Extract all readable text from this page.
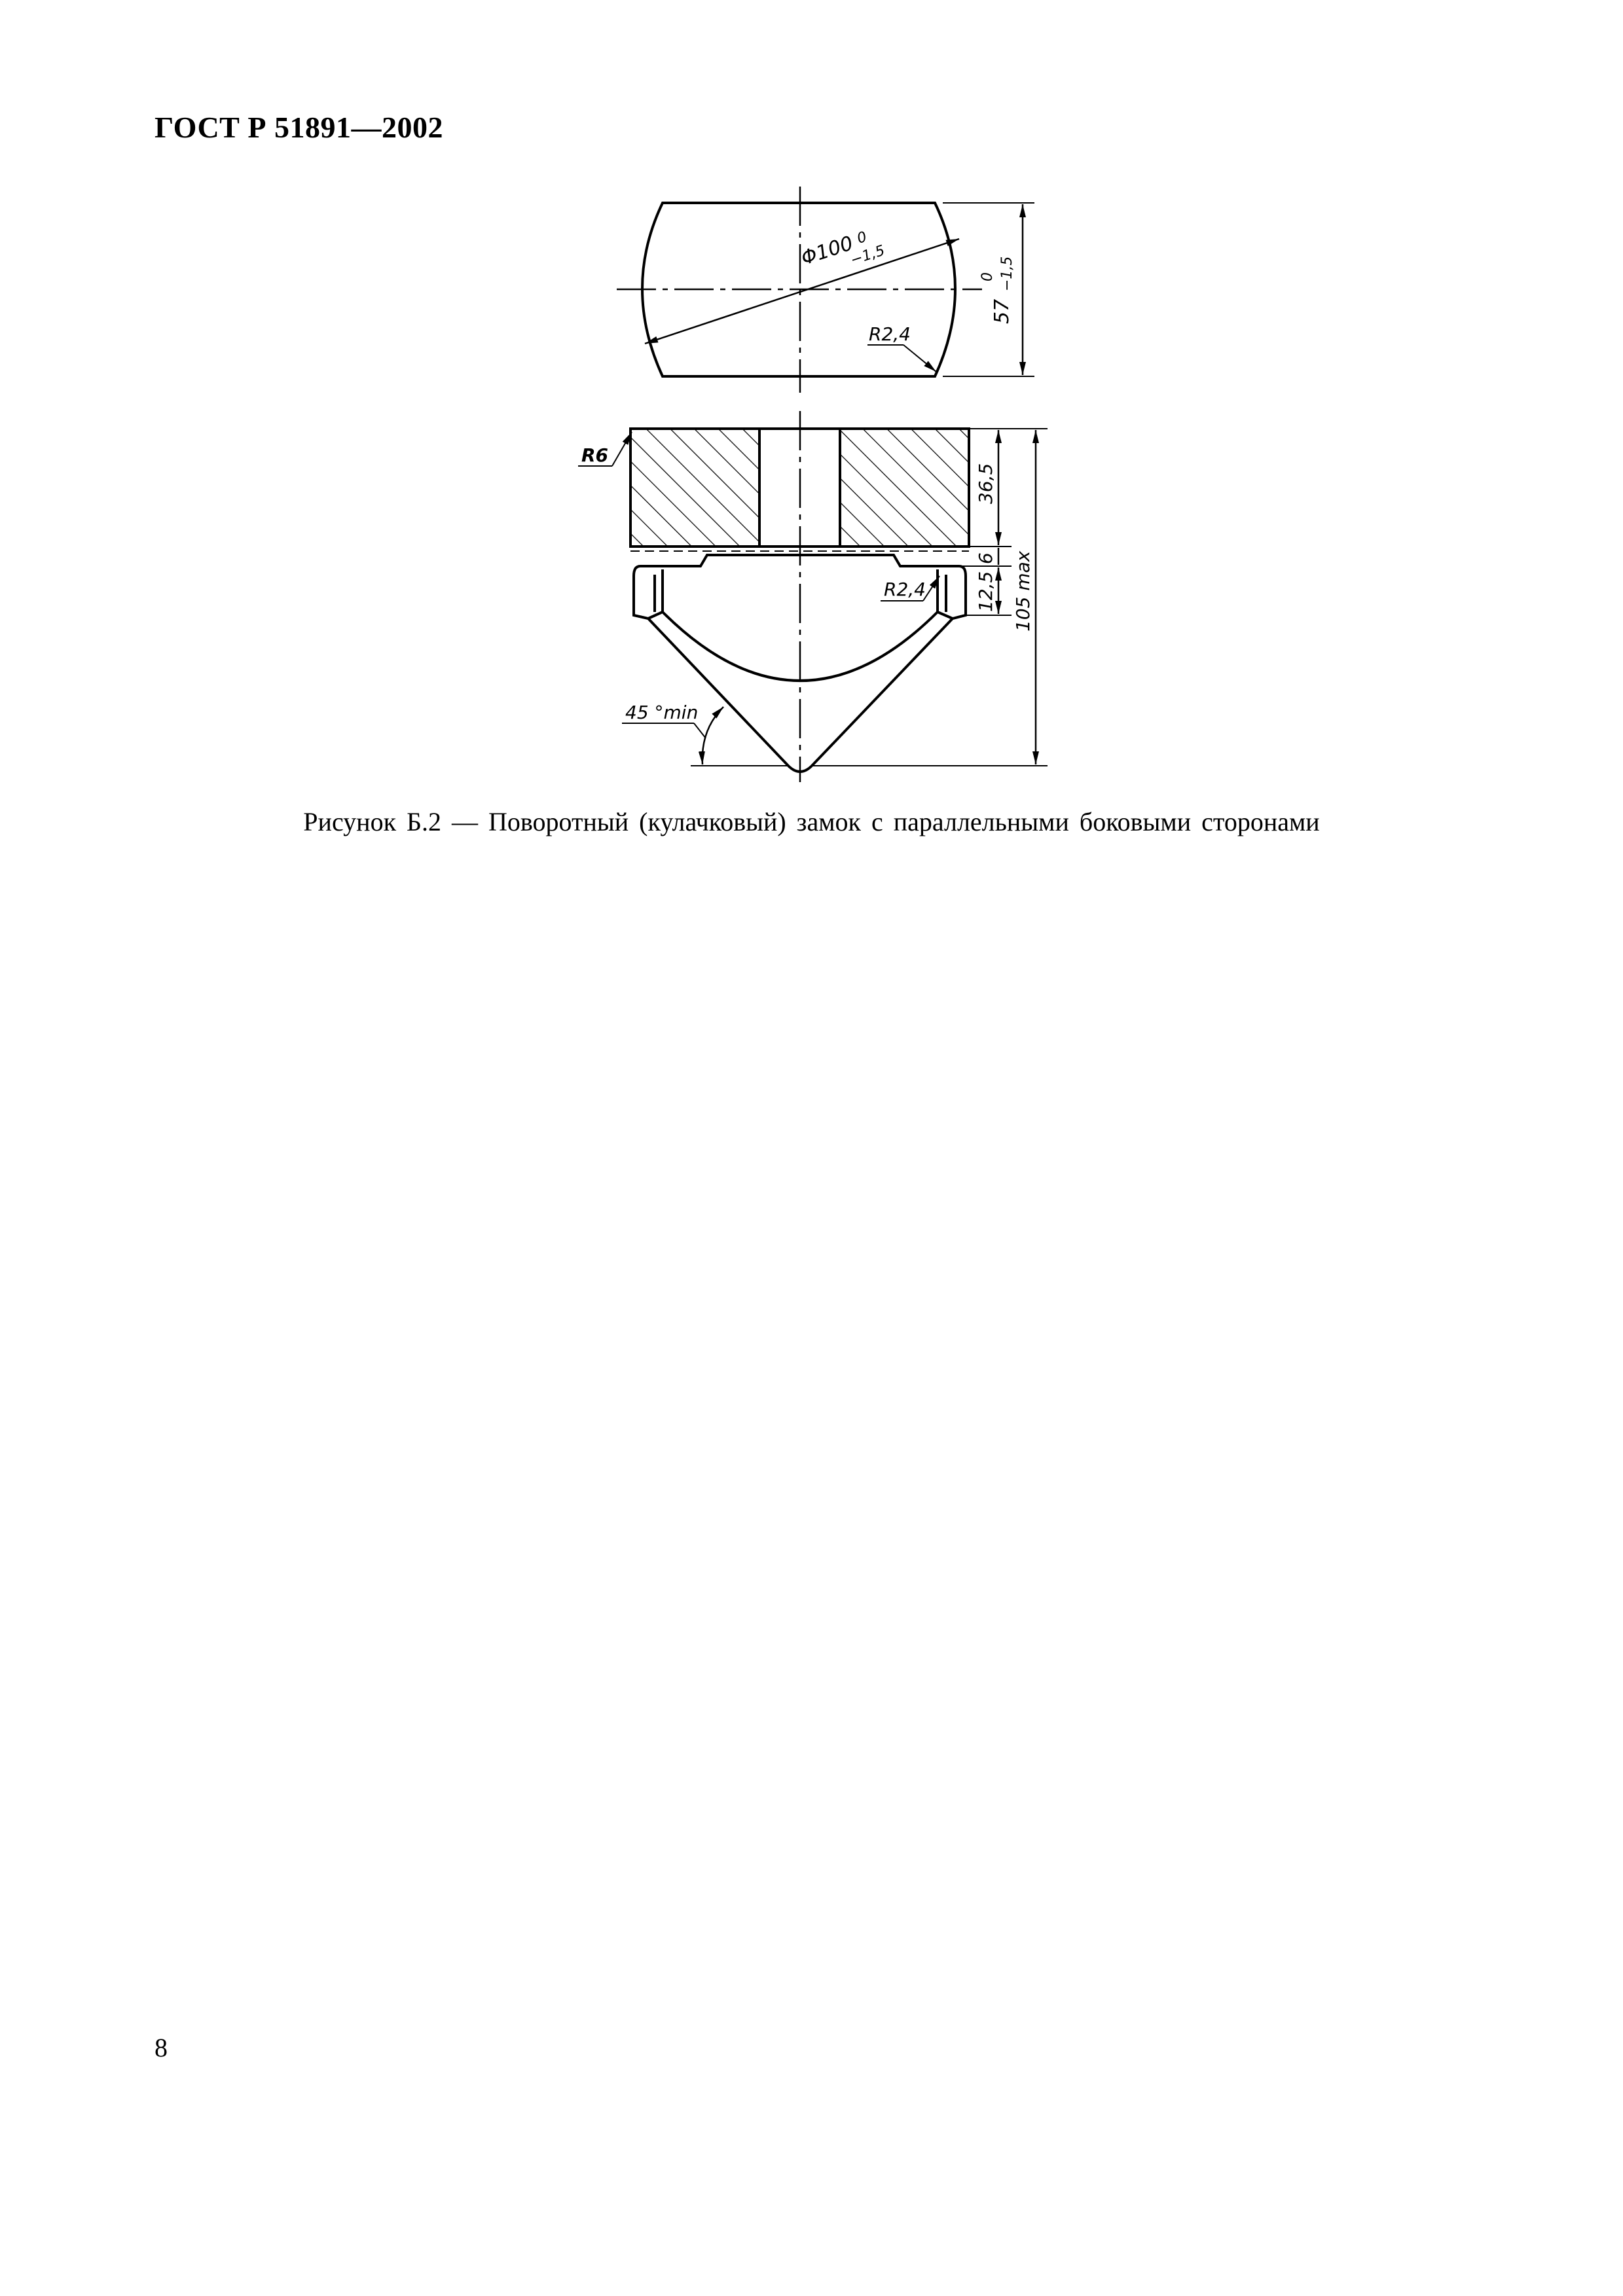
ГОСТ Р 51891—2002
Φ100
0
−1,5
R2,4
57
0 −1,5
R6
R2,4
36,5
6
12,5 105 max
45 °min
Рисунок Б.2 — Поворотный (кулачковый) замок с параллельными боковыми сторонами
8
